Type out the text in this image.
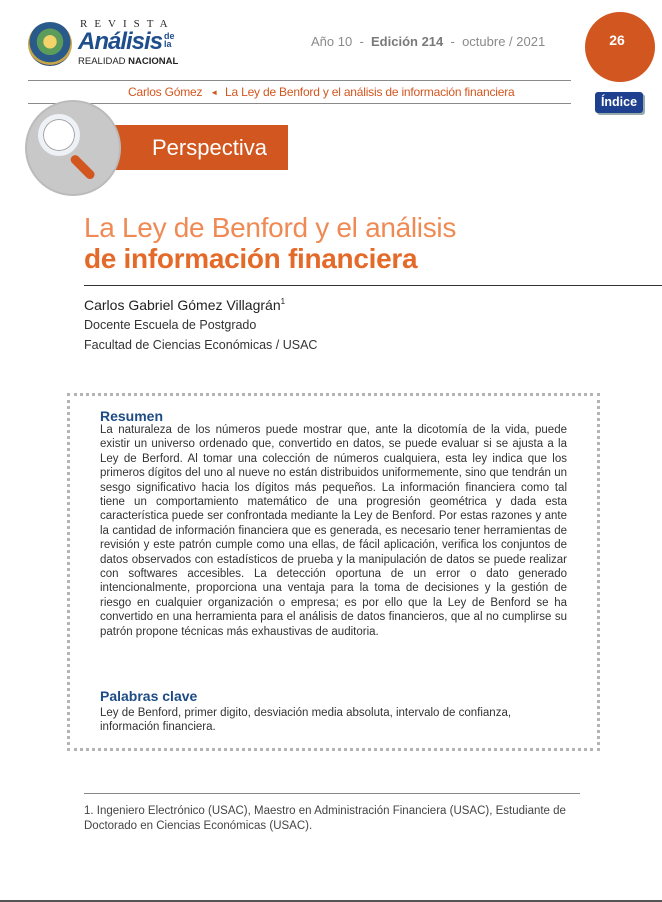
REVISTA
Análisis de la
REALIDAD NACIONAL
Año 10 - Edición 214 - octubre / 2021	26
Carlos Gómez ◄ La Ley de Benford y el análisis de información financiera
Índice
Perspectiva
La Ley de Benford y el análisis
de información financiera
Carlos Gabriel Gómez Villagrán$^1$
Docente Escuela de Postgrado
Facultad de Ciencias Económicas / USAC
Resumen
La naturaleza de los números puede mostrar que, ante la dicotomía de la vida, puede existir un universo ordenado que, convertido en datos, se puede evaluar si se ajusta a la Ley de Berford. Al tomar una colección de números cualquiera, esta ley indica que los primeros dígitos del uno al nueve no están distribuidos uniformemente, sino que tendrán un sesgo significativo hacia los dígitos más pequeños. La información financiera como tal tiene un comportamiento matemático de una progresión geométrica y dada esta característica puede ser confrontada mediante la Ley de Benford. Por estas razones y ante la cantidad de información financiera que es generada, es necesario tener herramientas de revisión y este patrón cumple como una ellas, de fácil aplicación, verifica los conjuntos de datos observados con estadísticos de prueba y la manipulación de datos se puede realizar con softwares accesibles. La detección oportuna de un error o dato generado intencionalmente, proporciona una ventaja para la toma de decisiones y la gestión de riesgo en cualquier organización o empresa; es por ello que la Ley de Benford se ha convertido en una herramienta para el análisis de datos financieros, que al no cumplirse su patrón propone técnicas más exhaustivas de auditoria.
Palabras clave
Ley de Benford, primer digito, desviación media absoluta, intervalo de confianza, información financiera.
1. Ingeniero Electrónico (USAC), Maestro en Administración Financiera (USAC), Estudiante de Doctorado en Ciencias Económicas (USAC).
